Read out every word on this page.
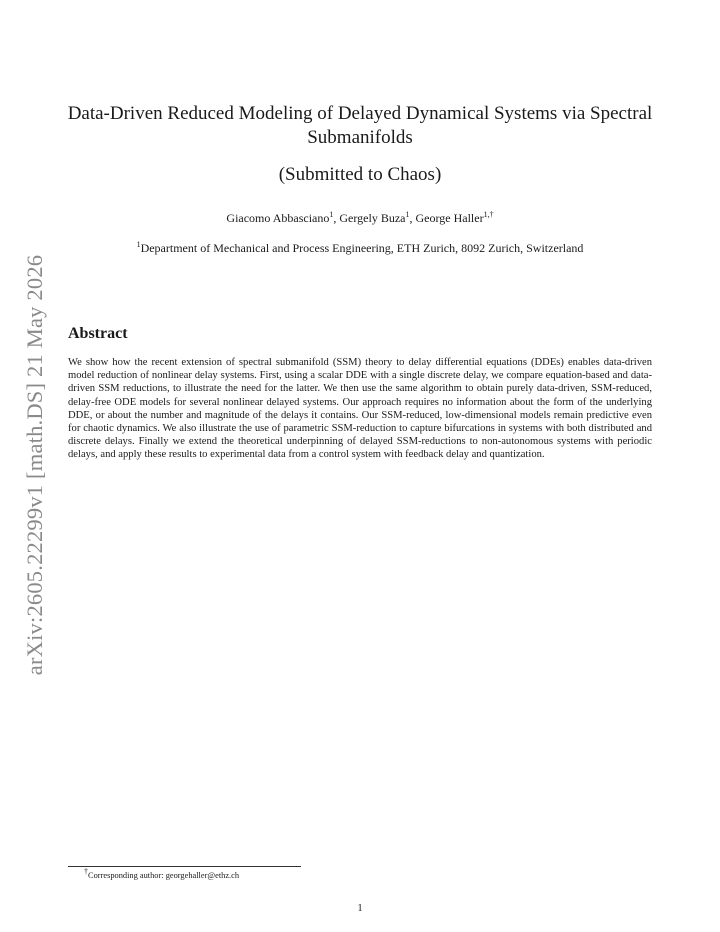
arXiv:2605.22299v1 [math.DS] 21 May 2026
Data-Driven Reduced Modeling of Delayed Dynamical Systems via Spectral Submanifolds
(Submitted to Chaos)
Giacomo Abbasciano$^1$, Gergely Buza$^1$, George Haller$^{1,\dagger}$
$^1$Department of Mechanical and Process Engineering, ETH Zurich, 8092 Zurich, Switzerland
Abstract

We show how the recent extension of spectral submanifold (SSM) theory to delay differential equations (DDEs) enables data-driven model reduction of nonlinear delay systems. First, using a scalar DDE with a single discrete delay, we compare equation-based and data-driven SSM reductions, to illustrate the need for the latter. We then use the same algorithm to obtain purely data-driven, SSM-reduced, delay-free ODE models for several nonlinear delayed systems. Our approach requires no information about the form of the underlying DDE, or about the number and magnitude of the delays it contains. Our SSM-reduced, low-dimensional models remain predictive even for chaotic dynamics. We also illustrate the use of parametric SSM-reduction to capture bifurcations in systems with both distributed and discrete delays. Finally we extend the theoretical underpinning of delayed SSM-reductions to non-autonomous systems with periodic delays, and apply these results to experimental data from a control system with feedback delay and quantization.

†Corresponding author: georgehaller@ethz.ch
1
